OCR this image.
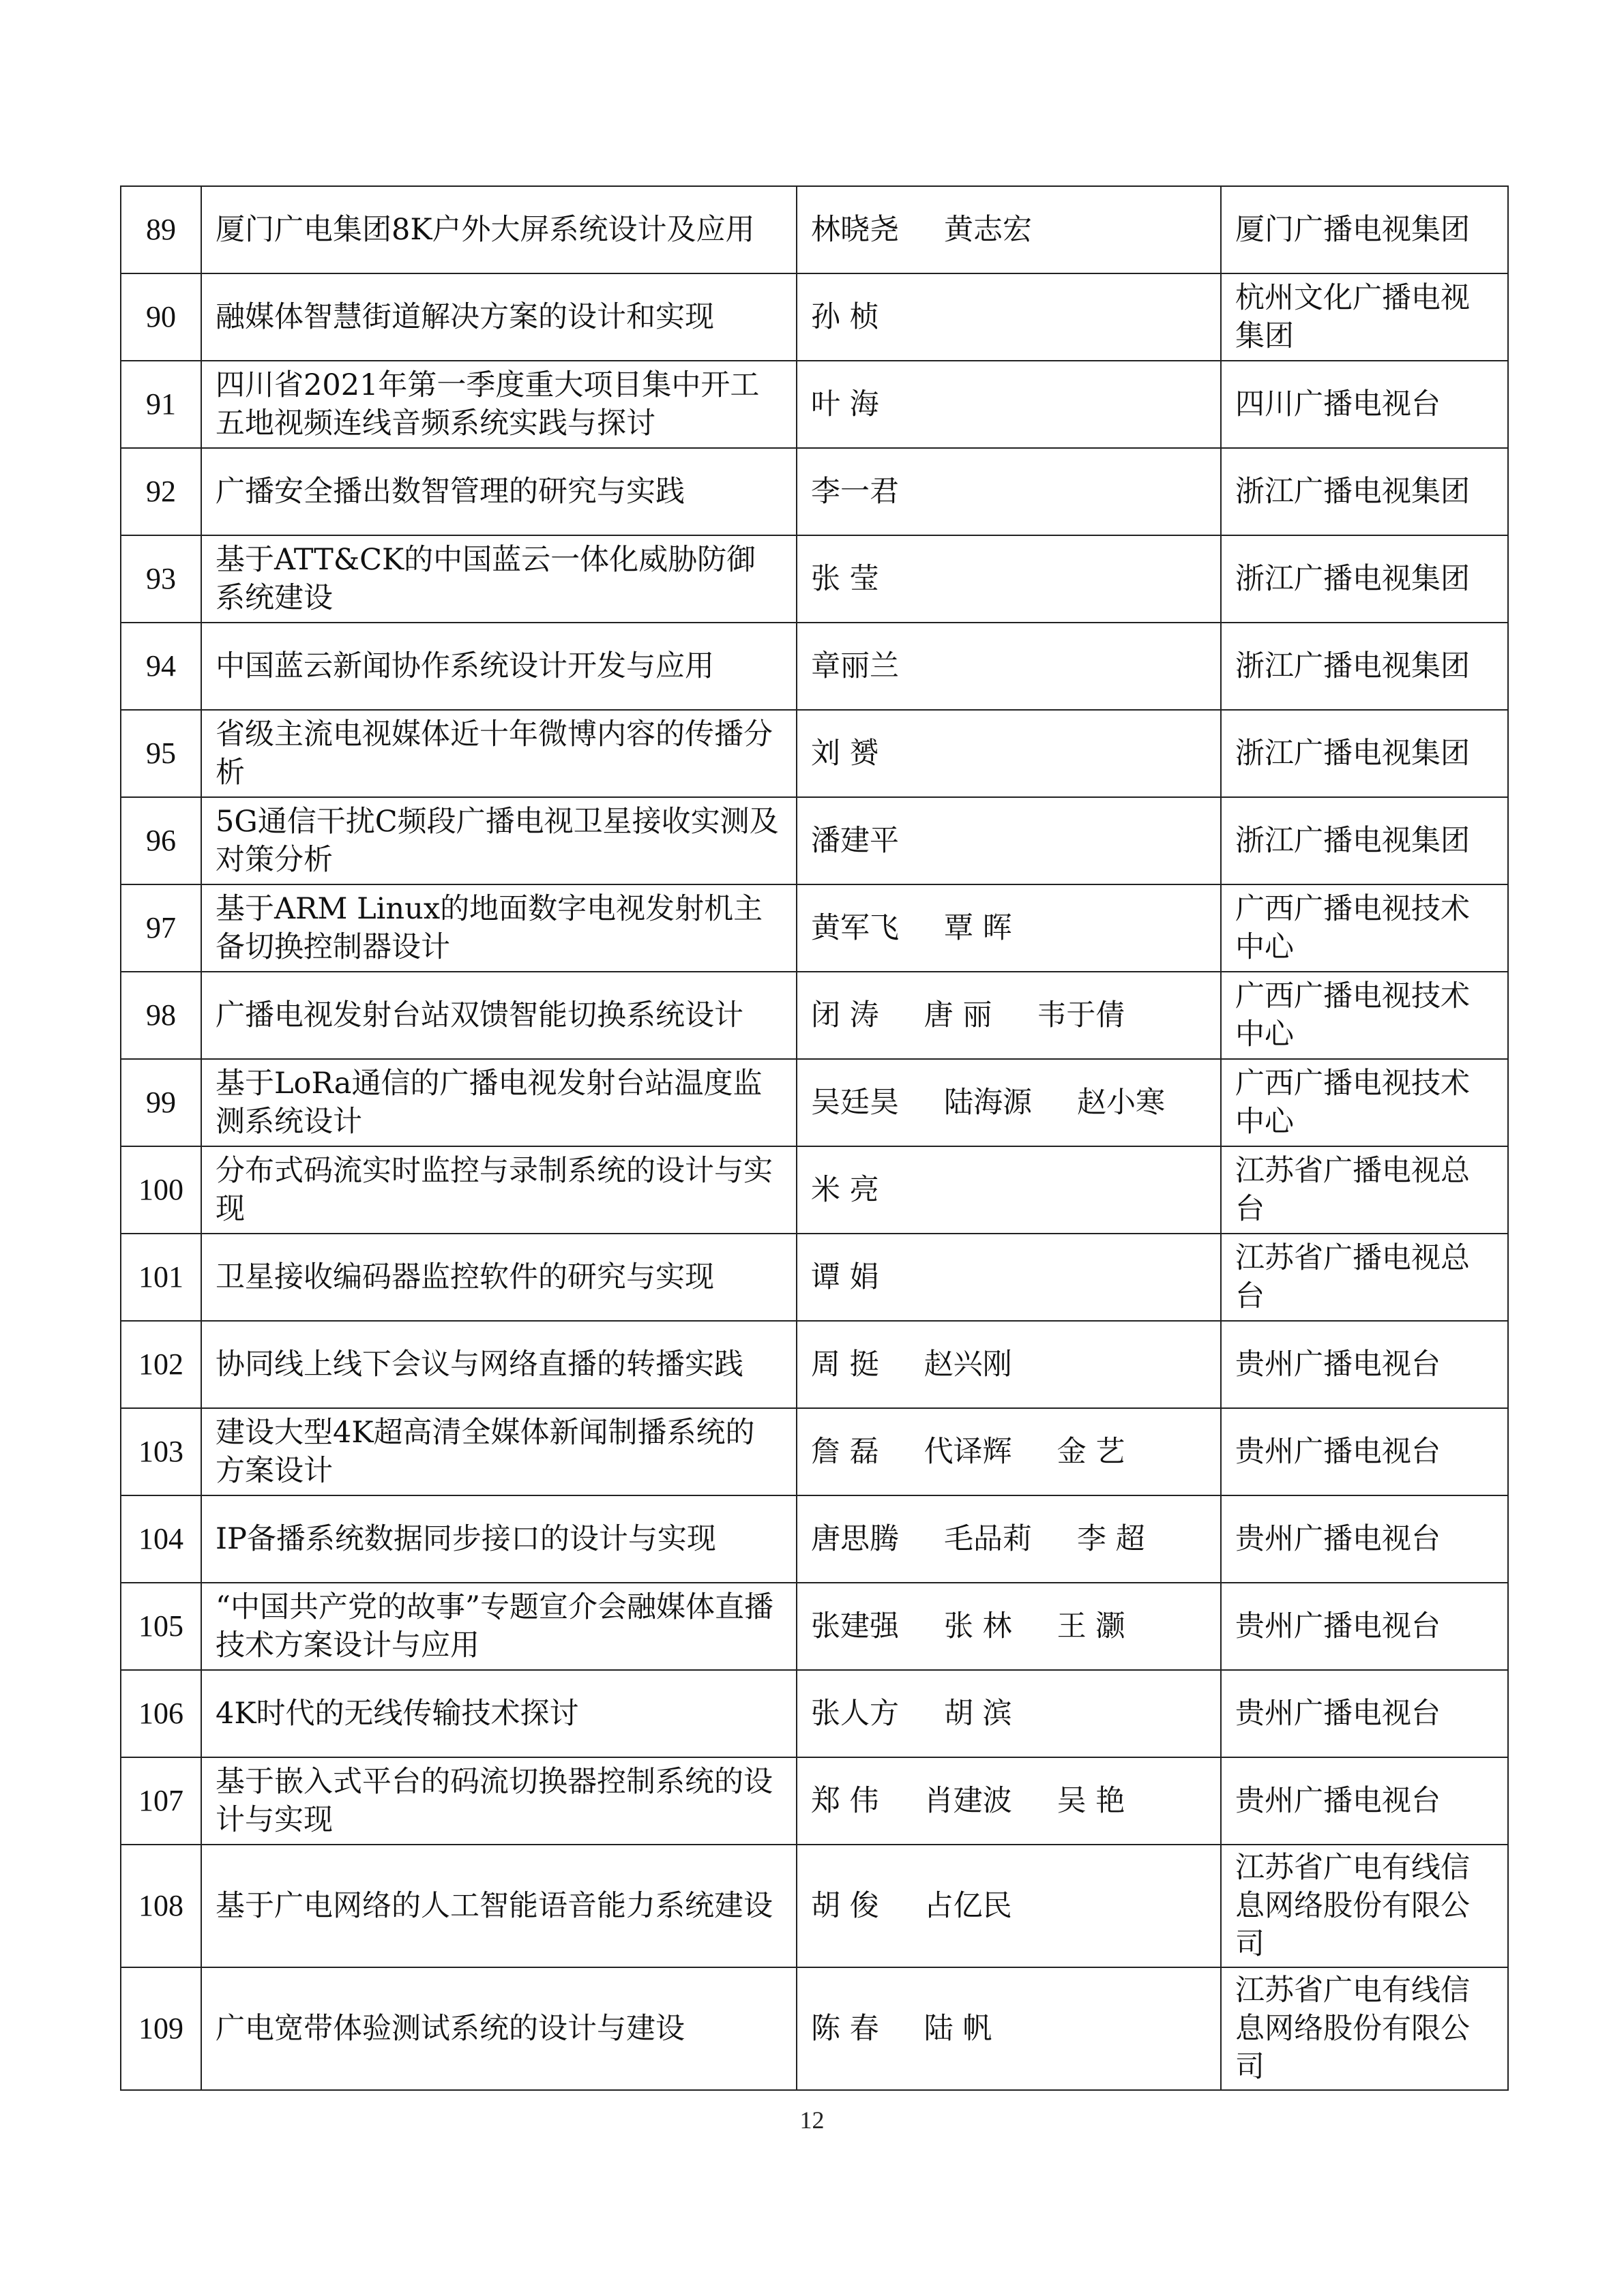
89	厦门广电集团8K户外大屏系统设计及应用	林晓尧 黄志宏	厦门广播电视集团
90	融媒体智慧街道解决方案的设计和实现	孙 桢	杭州文化广播电视集团
91	四川省2021年第一季度重大项目集中开工五地视频连线音频系统实践与探讨	叶 海	四川广播电视台
92	广播安全播出数智管理的研究与实践	李一君	浙江广播电视集团
93	基于ATT&CK的中国蓝云一体化威胁防御系统建设	张 莹	浙江广播电视集团
94	中国蓝云新闻协作系统设计开发与应用	章丽兰	浙江广播电视集团
95	省级主流电视媒体近十年微博内容的传播分析	刘 赟	浙江广播电视集团
96	5G通信干扰C频段广播电视卫星接收实测及对策分析	潘建平	浙江广播电视集团
97	基于ARM Linux的地面数字电视发射机主备切换控制器设计	黄军飞 覃 晖	广西广播电视技术中心
98	广播电视发射台站双馈智能切换系统设计	闭 涛 唐 丽 韦于倩	广西广播电视技术中心
99	基于LoRa通信的广播电视发射台站温度监测系统设计	吴廷昊 陆海源 赵小寒	广西广播电视技术中心
100	分布式码流实时监控与录制系统的设计与实现	米 亮	江苏省广播电视总台
101	卫星接收编码器监控软件的研究与实现	谭 娟	江苏省广播电视总台
102	协同线上线下会议与网络直播的转播实践	周 挺 赵兴刚	贵州广播电视台
103	建设大型4K超高清全媒体新闻制播系统的方案设计	詹 磊 代译辉 金 艺	贵州广播电视台
104	IP备播系统数据同步接口的设计与实现	唐思腾 毛品莉 李 超	贵州广播电视台
105	“中国共产党的故事”专题宣介会融媒体直播技术方案设计与应用	张建强 张 林 王 灏	贵州广播电视台
106	4K时代的无线传输技术探讨	张人方 胡 滨	贵州广播电视台
107	基于嵌入式平台的码流切换器控制系统的设计与实现	郑 伟 肖建波 吴 艳	贵州广播电视台
108	基于广电网络的人工智能语音能力系统建设	胡 俊 占亿民	江苏省广电有线信息网络股份有限公司
109	广电宽带体验测试系统的设计与建设	陈 春 陆 帆	江苏省广电有线信息网络股份有限公司
12
